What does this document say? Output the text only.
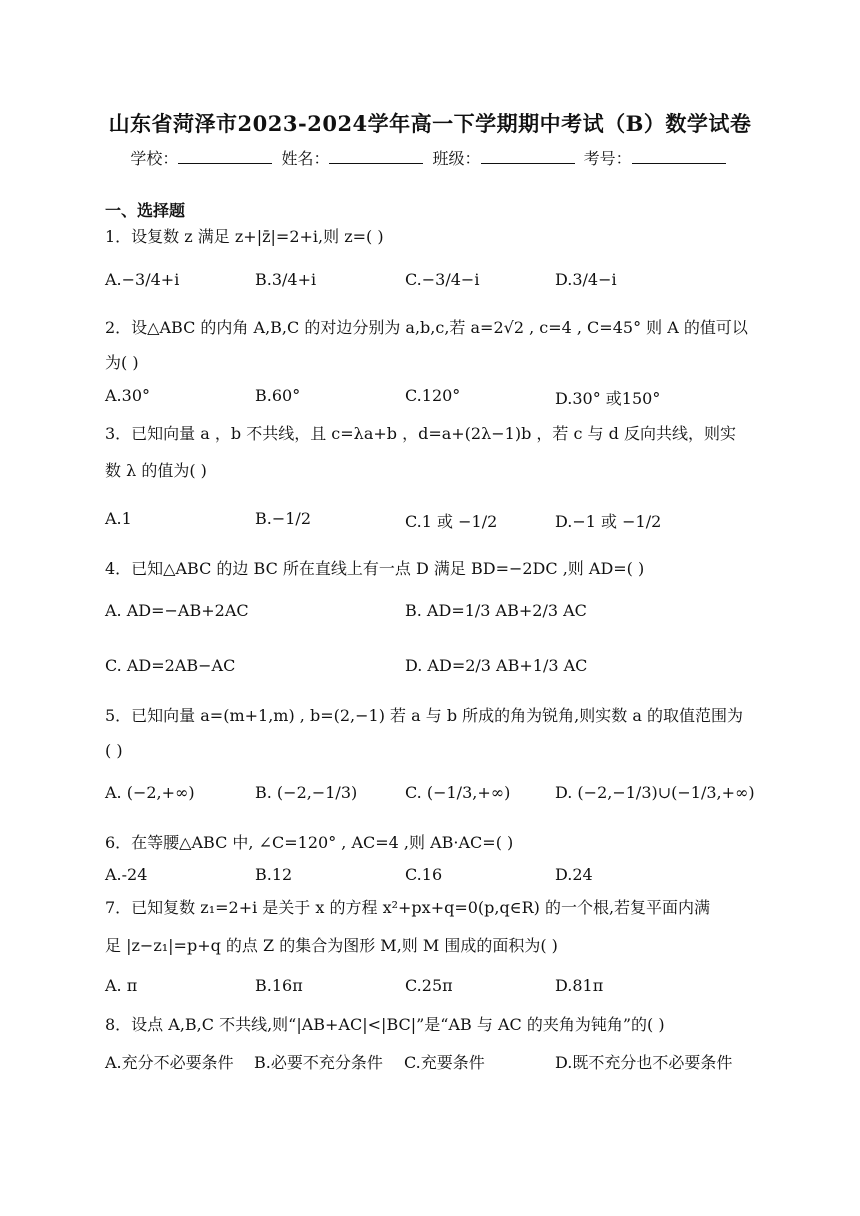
山东省菏泽市2023-2024学年高一下学期期中考试（B）数学试卷
学校：	姓名：	班级：	考号：
一、选择题
1．设复数 z 满足 z+|z̄|=2+i,则 z=( )
A.−3/4+i	B.3/4+i	C.−3/4−i	D.3/4−i
2．设△ABC 的内角 A,B,C 的对边分别为 a,b,c,若 a=2√2 , c=4 , C=45° 则 A 的值可以
为( )
A.30°	B.60°	C.120°	D.30° 或150°
3．已知向量 a ，b 不共线，且 c=λa+b ，d=a+(2λ−1)b ，若 c 与 d 反向共线，则实
数 λ 的值为( )
A.1	B.−1/2	C.1 或 −1/2	D.−1 或 −1/2
4．已知△ABC 的边 BC 所在直线上有一点 D 满足 BD=−2DC ,则 AD=( )
A. AD=−AB+2AC	B. AD=1/3 AB+2/3 AC
C. AD=2AB−AC	D. AD=2/3 AB+1/3 AC
5．已知向量 a=(m+1,m) , b=(2,−1) 若 a 与 b 所成的角为锐角,则实数 a 的取值范围为
( )
A. (−2,+∞)	B. (−2,−1/3)	C. (−1/3,+∞)	D. (−2,−1/3)∪(−1/3,+∞)
6．在等腰△ABC 中, ∠C=120° , AC=4 ,则 AB·AC=( )
A.-24	B.12	C.16	D.24
7．已知复数 z₁=2+i 是关于 x 的方程 x²+px+q=0(p,q∈R) 的一个根,若复平面内满
足 |z−z₁|=p+q 的点 Z 的集合为图形 M,则 M 围成的面积为( )
A. π	B.16π	C.25π	D.81π
8．设点 A,B,C 不共线,则“|AB+AC|<|BC|”是“AB 与 AC 的夹角为钝角”的( )
A.充分不必要条件 B.必要不充分条件 C.充要条件	D.既不充分也不必要条件
